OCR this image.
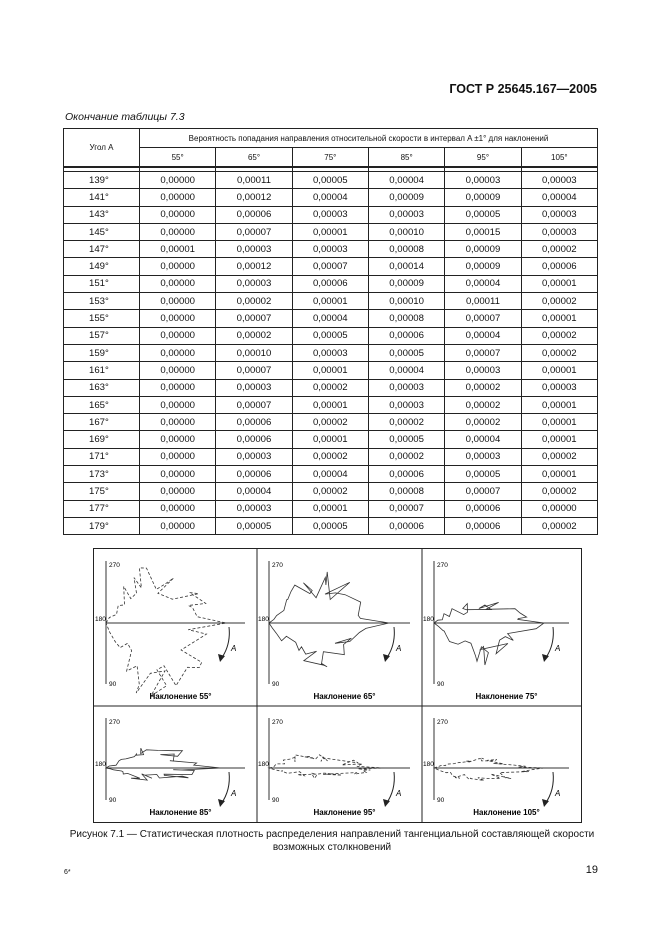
ГОСТ Р 25645.167—2005
Окончание таблицы 7.3
Угол A	Вероятность попадания направления относительной скорости в интервал A ±1° для наклонений					
	55°	65°	75°	85°	95°	105°

139°	0,00000	0,00011	0,00005	0,00004	0,00003	0,00003
141°	0,00000	0,00012	0,00004	0,00009	0,00009	0,00004
143°	0,00000	0,00006	0,00003	0,00003	0,00005	0,00003
145°	0,00000	0,00007	0,00001	0,00010	0,00015	0,00003
147°	0,00001	0,00003	0,00003	0,00008	0,00009	0,00002
149°	0,00000	0,00012	0,00007	0,00014	0,00009	0,00006
151°	0,00000	0,00003	0,00006	0,00009	0,00004	0,00001
153°	0,00000	0,00002	0,00001	0,00010	0,00011	0,00002
155°	0,00000	0,00007	0,00004	0,00008	0,00007	0,00001
157°	0,00000	0,00002	0,00005	0,00006	0,00004	0,00002
159°	0,00000	0,00010	0,00003	0,00005	0,00007	0,00002
161°	0,00000	0,00007	0,00001	0,00004	0,00003	0,00001
163°	0,00000	0,00003	0,00002	0,00003	0,00002	0,00003
165°	0,00000	0,00007	0,00001	0,00003	0,00002	0,00001
167°	0,00000	0,00006	0,00002	0,00002	0,00002	0,00001
169°	0,00000	0,00006	0,00001	0,00005	0,00004	0,00001
171°	0,00000	0,00003	0,00002	0,00002	0,00003	0,00002
173°	0,00000	0,00006	0,00004	0,00006	0,00005	0,00001
175°	0,00000	0,00004	0,00002	0,00008	0,00007	0,00002
177°	0,00000	0,00003	0,00001	0,00007	0,00006	0,00000
179°	0,00000	0,00005	0,00005	0,00006	0,00006	0,00002
270
180
90
A
Наклонение 55°
270
180
90
A
Наклонение 65°
270
180
90
A
Наклонение 75°
270
180
90
A
Наклонение 85°
270
180
90
A
Наклонение 95°
270
180
90
A
Наклонение 105°
Рисунок 7.1 — Статистическая плотность распределения направлений тангенциальной составляющей скорости возможных столкновений
6*	19
